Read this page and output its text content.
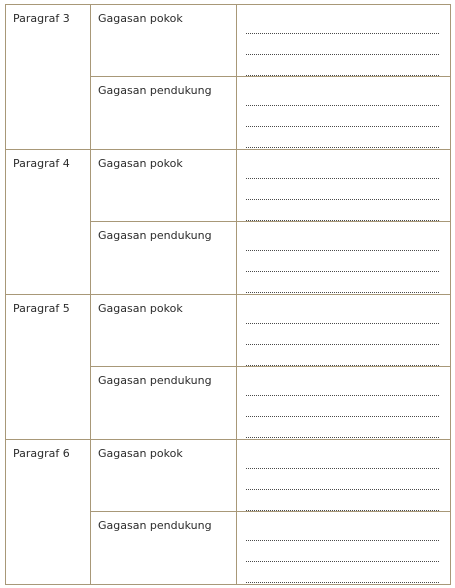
Paragraf 3	Gagasan pokok	

	Gagasan pendukung	

Paragraf 4	Gagasan pokok	

	Gagasan pendukung	

Paragraf 5	Gagasan pokok	

	Gagasan pendukung	

Paragraf 6	Gagasan pokok	

	Gagasan pendukung	
